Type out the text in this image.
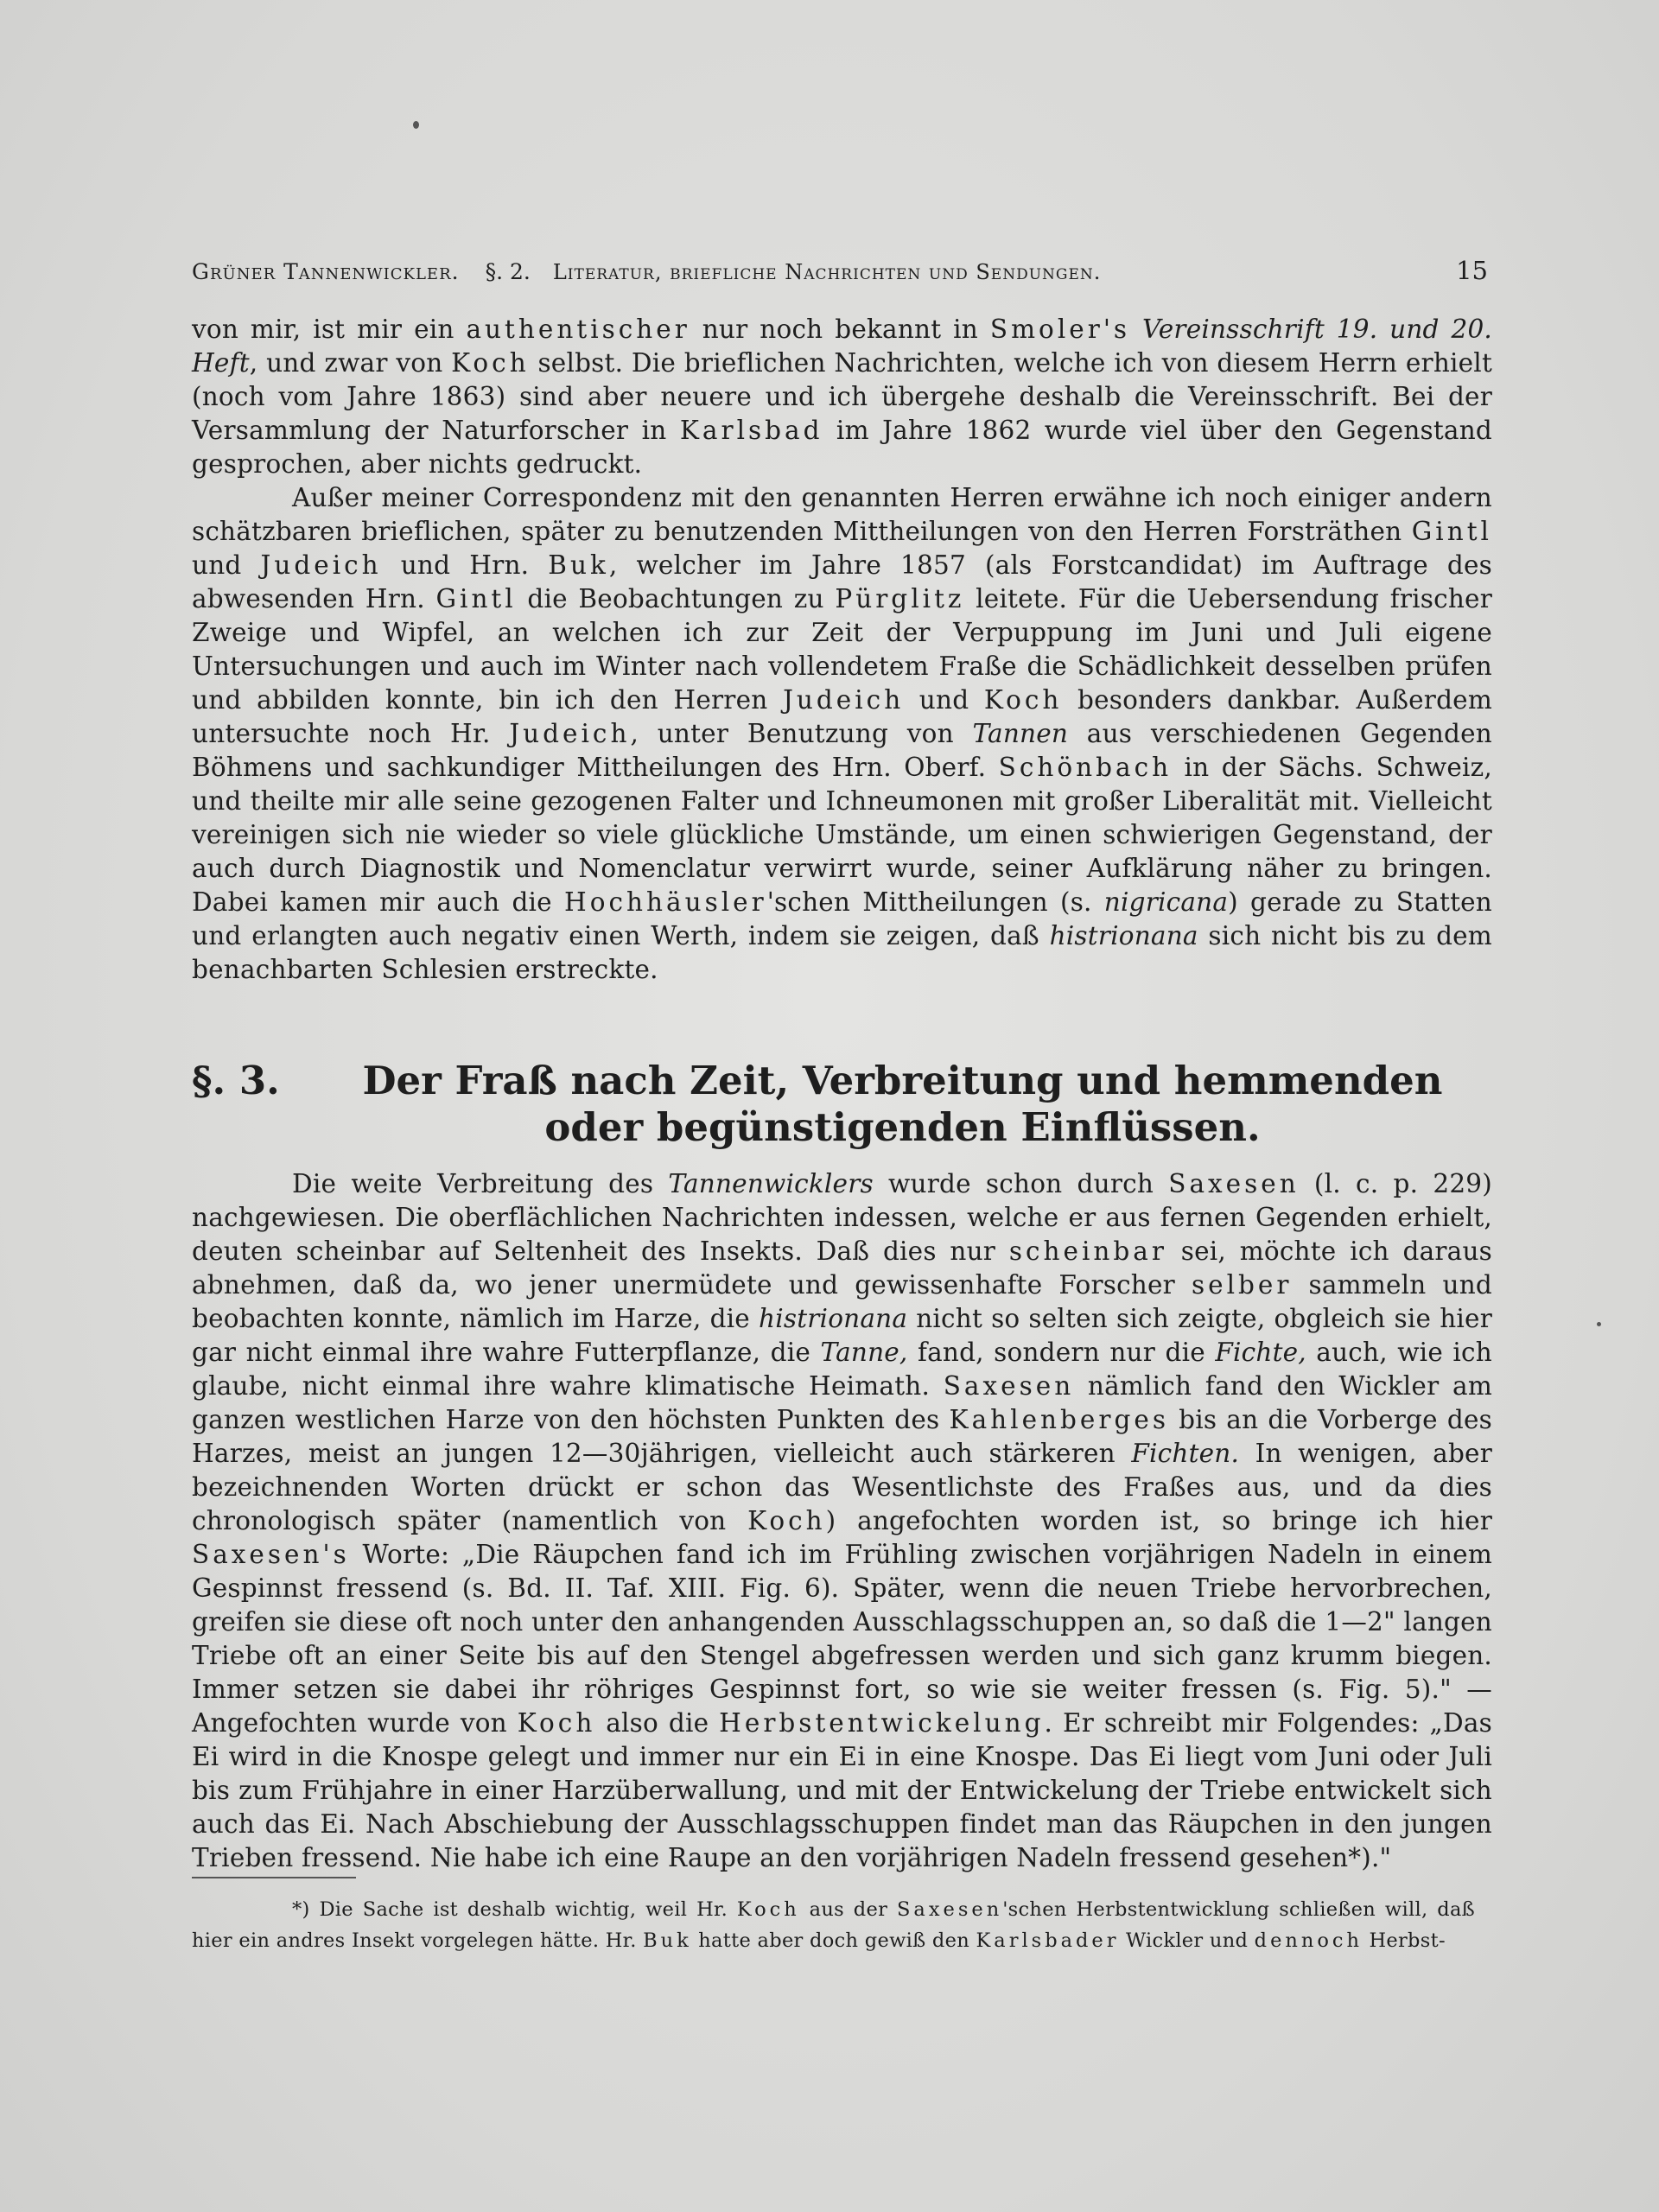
Grüner Tannenwickler. §. 2. Literatur, briefliche Nachrichten und Sendungen.	15

von mir, ist mir ein authentischer nur noch bekannt in Smoler's Vereinsschrift 19. und 20. Heft, und zwar von Koch selbst. Die brieflichen Nachrichten, welche ich von diesem Herrn erhielt (noch vom Jahre 1863) sind aber neuere und ich übergehe deshalb die Vereinsschrift. Bei der Versammlung der Naturforscher in Karlsbad im Jahre 1862 wurde viel über den Gegenstand gesprochen, aber nichts gedruckt.

Außer meiner Correspondenz mit den genannten Herren erwähne ich noch einiger andern schätzbaren brieflichen, später zu benutzenden Mittheilungen von den Herren Forsträthen Gintl und Judeich und Hrn. Buk, welcher im Jahre 1857 (als Forstcandidat) im Auftrage des abwesenden Hrn. Gintl die Beobachtungen zu Pürglitz leitete. Für die Uebersendung frischer Zweige und Wipfel, an welchen ich zur Zeit der Verpuppung im Juni und Juli eigene Untersuchungen und auch im Winter nach vollendetem Fraße die Schädlichkeit desselben prüfen und abbilden konnte, bin ich den Herren Judeich und Koch besonders dankbar. Außerdem untersuchte noch Hr. Judeich, unter Benutzung von Tannen aus verschiedenen Gegenden Böhmens und sachkundiger Mittheilungen des Hrn. Oberf. Schönbach in der Sächs. Schweiz, und theilte mir alle seine gezogenen Falter und Ichneumonen mit großer Liberalität mit. Vielleicht vereinigen sich nie wieder so viele glückliche Umstände, um einen schwierigen Gegenstand, der auch durch Diagnostik und Nomenclatur verwirrt wurde, seiner Aufklärung näher zu bringen. Dabei kamen mir auch die Hochhäusler'schen Mittheilungen (s. nigricana) gerade zu Statten und erlangten auch negativ einen Werth, indem sie zeigen, daß histrionana sich nicht bis zu dem benachbarten Schlesien erstreckte.

§. 3. Der Fraß nach Zeit, Verbreitung und hemmenden oder begünstigenden Einflüssen.

Die weite Verbreitung des Tannenwicklers wurde schon durch Saxesen (l. c. p. 229) nachgewiesen. Die oberflächlichen Nachrichten indessen, welche er aus fernen Gegenden erhielt, deuten scheinbar auf Seltenheit des Insekts. Daß dies nur scheinbar sei, möchte ich daraus abnehmen, daß da, wo jener unermüdete und gewissenhafte Forscher selber sammeln und beobachten konnte, nämlich im Harze, die histrionana nicht so selten sich zeigte, obgleich sie hier gar nicht einmal ihre wahre Futterpflanze, die Tanne, fand, sondern nur die Fichte, auch, wie ich glaube, nicht einmal ihre wahre klimatische Heimath. Saxesen nämlich fand den Wickler am ganzen westlichen Harze von den höchsten Punkten des Kahlenberges bis an die Vorberge des Harzes, meist an jungen 12—30jährigen, vielleicht auch stärkeren Fichten. In wenigen, aber bezeichnenden Worten drückt er schon das Wesentlichste des Fraßes aus, und da dies chronologisch später (namentlich von Koch) angefochten worden ist, so bringe ich hier Saxesen's Worte: „Die Räupchen fand ich im Frühling zwischen vorjährigen Nadeln in einem Gespinnst fressend (s. Bd. II. Taf. XIII. Fig. 6). Später, wenn die neuen Triebe hervorbrechen, greifen sie diese oft noch unter den anhangenden Ausschlagsschuppen an, so daß die 1—2" langen Triebe oft an einer Seite bis auf den Stengel abgefressen werden und sich ganz krumm biegen. Immer setzen sie dabei ihr röhriges Gespinnst fort, so wie sie weiter fressen (s. Fig. 5)." — Angefochten wurde von Koch also die Herbstentwickelung. Er schreibt mir Folgendes: „Das Ei wird in die Knospe gelegt und immer nur ein Ei in eine Knospe. Das Ei liegt vom Juni oder Juli bis zum Frühjahre in einer Harzüberwallung, und mit der Entwickelung der Triebe entwickelt sich auch das Ei. Nach Abschiebung der Ausschlagsschuppen findet man das Räupchen in den jungen Trieben fressend. Nie habe ich eine Raupe an den vorjährigen Nadeln fressend gesehen*)."

*) Die Sache ist deshalb wichtig, weil Hr. Koch aus der Saxesen'schen Herbstentwicklung schließen will, daß hier ein andres Insekt vorgelegen hätte. Hr. Buk hatte aber doch gewiß den Karlsbader Wickler und dennoch Herbst-
